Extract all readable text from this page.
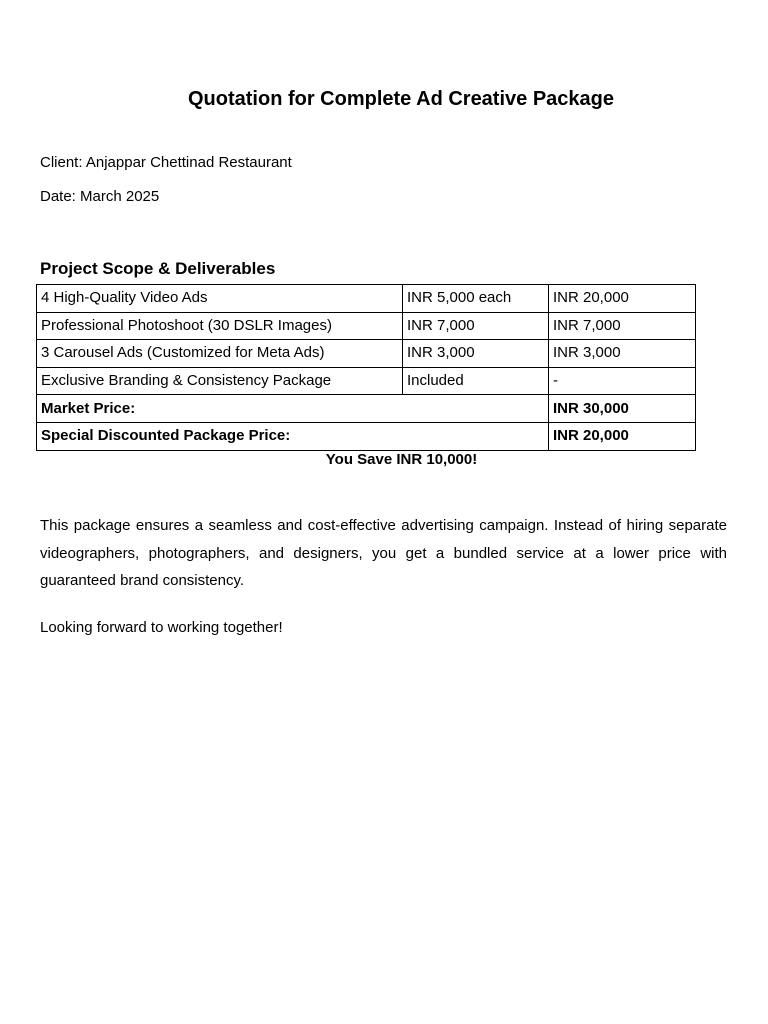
Quotation for Complete Ad Creative Package

Client: Anjappar Chettinad Restaurant

Date: March 2025

Project Scope & Deliverables
4 High-Quality Video Ads	INR 5,000 each	INR 20,000
Professional Photoshoot (30 DSLR Images)	INR 7,000	INR 7,000
3 Carousel Ads (Customized for Meta Ads)	INR 3,000	INR 3,000
Exclusive Branding & Consistency Package	Included	-
Market Price:		INR 30,000
Special Discounted Package Price:		INR 20,000

You Save INR 10,000!

This package ensures a seamless and cost-effective advertising campaign. Instead of hiring separate videographers, photographers, and designers, you get a bundled service at a lower price with guaranteed brand consistency.

Looking forward to working together!
